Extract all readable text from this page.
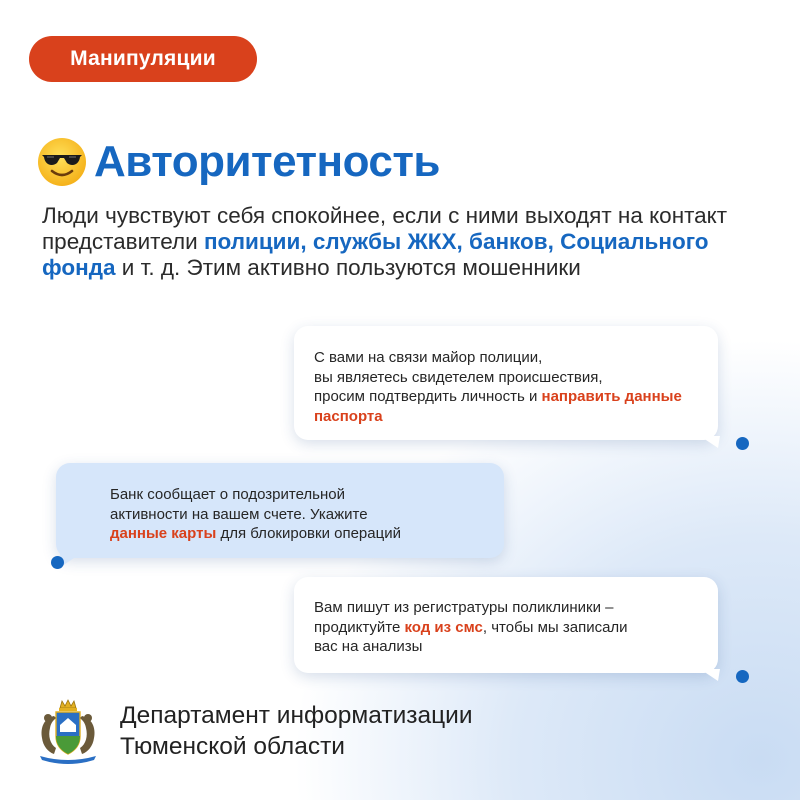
Манипуляции
Авторитетность
Люди чувствуют себя спокойнее, если с ними выходят на контакт представители полиции, службы ЖКХ, банков, Социального фонда и т. д. Этим активно пользуются мошенники
С вами на связи майор полиции,
вы являетесь свидетелем происшествия,
просим подтвердить личность и направить данные паспорта
Банк сообщает о подозрительной
активности на вашем счете. Укажите
данные карты для блокировки операций
Вам пишут из регистратуры поликлиники –
продиктуйте код из смс, чтобы мы записали
вас на анализы
Департамент информатизации
Тюменской области
